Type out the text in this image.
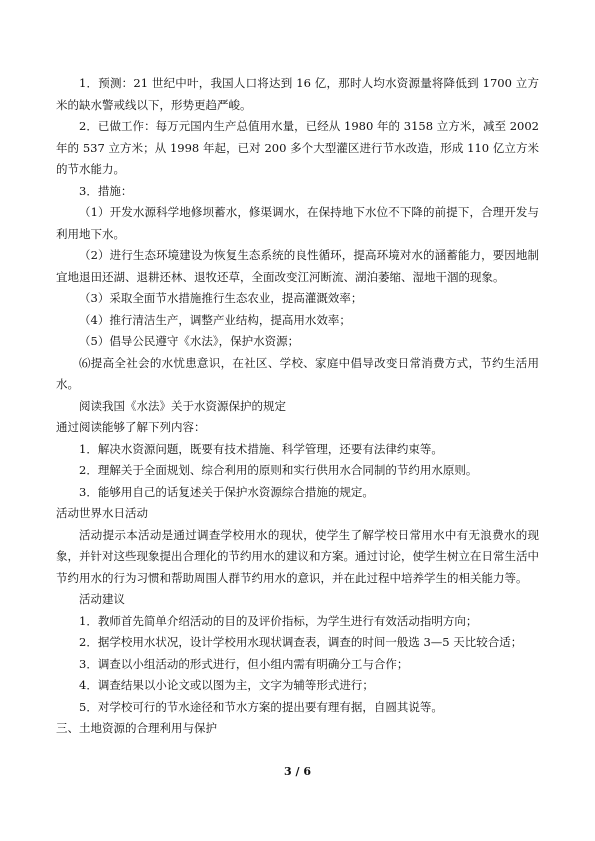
1．预测：21 世纪中叶，我国人口将达到 16 亿，那时人均水资源量将降低到 1700 立方米的缺水警戒线以下，形势更趋严峻。

2．已做工作：每万元国内生产总值用水量，已经从 1980 年的 3158 立方米，减至 2002 年的 537 立方米；从 1998 年起，已对 200 多个大型灌区进行节水改造，形成 110 亿立方米的节水能力。

3．措施：

（1）开发水源科学地修坝蓄水，修渠调水，在保持地下水位不下降的前提下，合理开发与利用地下水。

（2）进行生态环境建设为恢复生态系统的良性循环，提高环境对水的涵蓄能力，要因地制宜地退田还湖、退耕还林、退牧还草，全面改变江河断流、湖泊萎缩、湿地干涸的现象。

（3）采取全面节水措施推行生态农业，提高灌溉效率；

（4）推行清洁生产，调整产业结构，提高用水效率；

（5）倡导公民遵守《水法》，保护水资源；

⑹提高全社会的水忧患意识，在社区、学校、家庭中倡导改变日常消费方式，节约生活用水。

阅读我国《水法》关于水资源保护的规定

通过阅读能够了解下列内容：

1．解决水资源问题，既要有技术措施、科学管理，还要有法律约束等。

2．理解关于全面规划、综合利用的原则和实行供用水合同制的节约用水原则。

3．能够用自己的话复述关于保护水资源综合措施的规定。

活动世界水日活动

活动提示本活动是通过调查学校用水的现状，使学生了解学校日常用水中有无浪费水的现象，并针对这些现象提出合理化的节约用水的建议和方案。通过讨论，使学生树立在日常生活中节约用水的行为习惯和帮助周围人群节约用水的意识，并在此过程中培养学生的相关能力等。

活动建议

1．教师首先简单介绍活动的目的及评价指标，为学生进行有效活动指明方向；

2．据学校用水状况，设计学校用水现状调查表，调查的时间一般选 3—5 天比较合适；

3．调查以小组活动的形式进行，但小组内需有明确分工与合作；

4．调查结果以小论文或以图为主，文字为辅等形式进行；

5．对学校可行的节水途径和节水方案的提出要有理有据，自圆其说等。

三、土地资源的合理利用与保护

3 / 6
